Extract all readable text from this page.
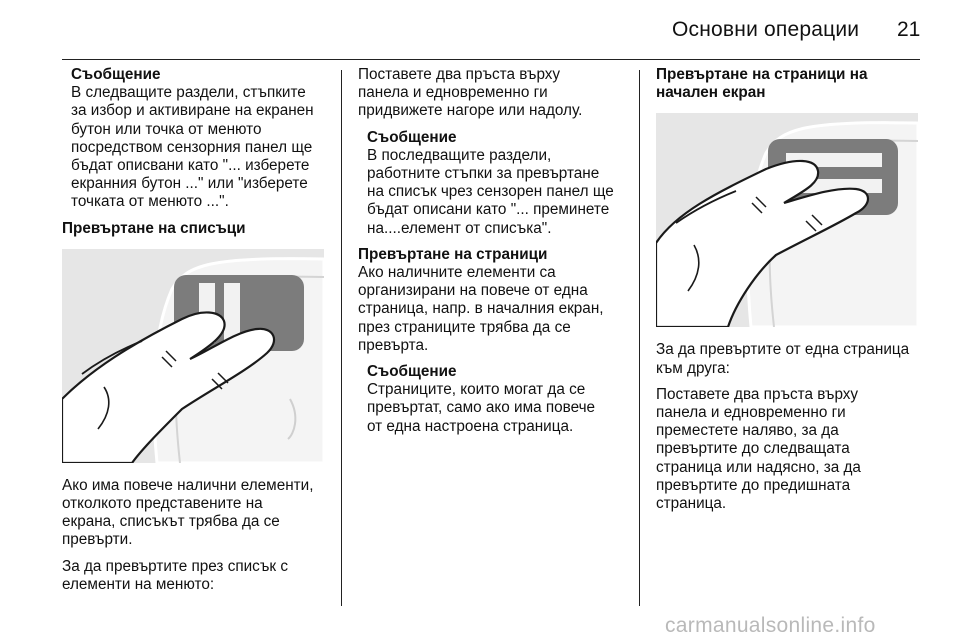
Основни операции 21

Съобщение

В следващите раздели, стъпките

за избор и активиране на екранен

бутон или точка от менюто

посредством сензорния панел ще

бъдат описвани като "... изберете

екранния бутон ..." или "изберете

точката от менюто ...".

Превъртане на списъци

Ако има повече налични елементи,

отколкото представените на

екрана, списъкът трябва да се

превърти.

За да превъртите през списък с

елементи на менюто:

Поставете два пръста върху

панела и едновременно ги

придвижете нагоре или надолу.

Съобщение

В последващите раздели,

работните стъпки за превъртане

на списък чрез сензорен панел ще

бъдат описани като "... преминете

на....елемент от списъка".

Превъртане на страници

Ако наличните елементи са

организирани на повече от една

страница, напр. в началния екран,

през страниците трябва да се

превърта.

Съобщение

Страниците, които могат да се

превъртат, само ако има повече

от една настроена страница.

Превъртане на страници на

начален екран

За да превъртите от една страница

към друга:

Поставете два пръста върху

панела и едновременно ги

преместете наляво, за да

превъртите до следващата

страница или надясно, за да

превъртите до предишната

страница.

carmanualsonline.info
